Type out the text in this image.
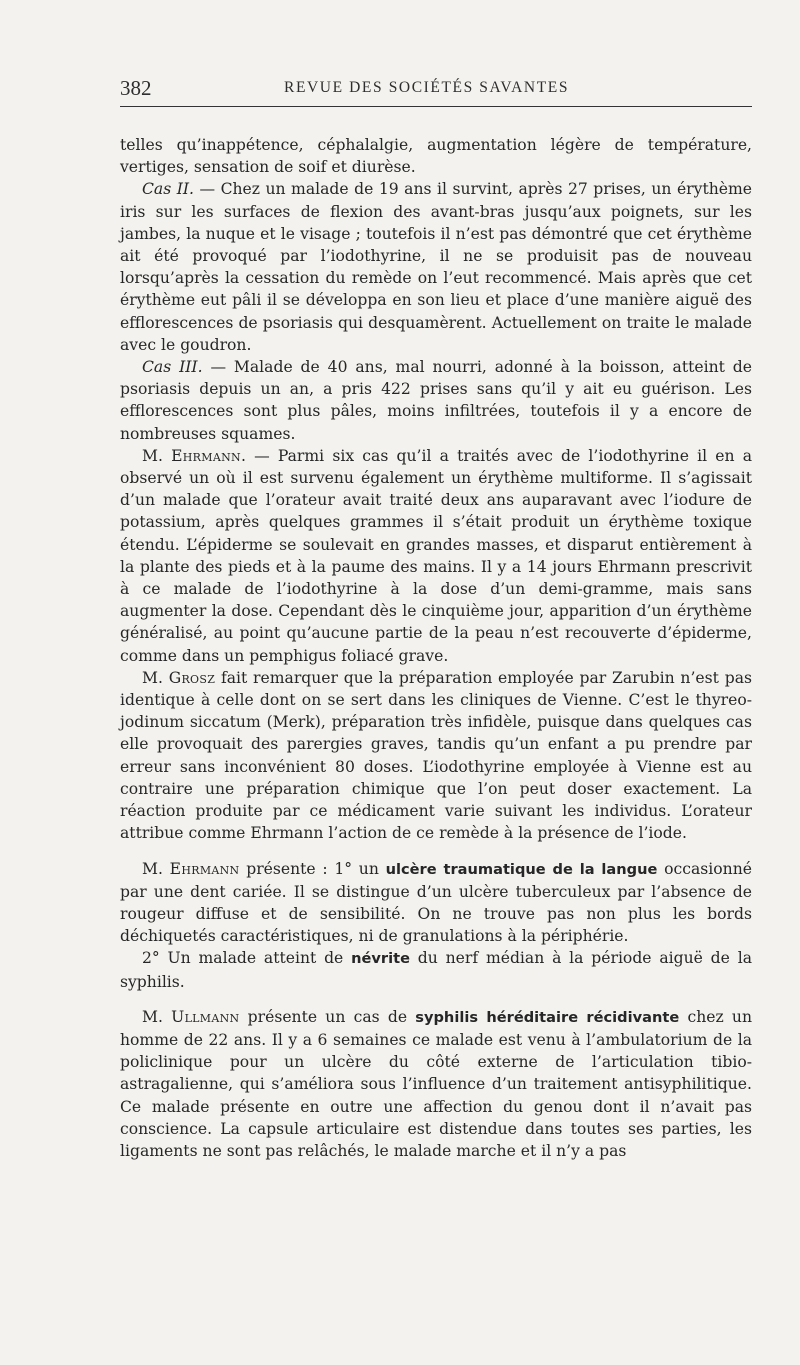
382	REVUE DES SOCIÉTÉS SAVANTES

telles qu’inappétence, céphalalgie, augmentation légère de température, vertiges, sensation de soif et diurèse.

Cas II. — Chez un malade de 19 ans il survint, après 27 prises, un érythème iris sur les surfaces de flexion des avant-bras jusqu’aux poignets, sur les jambes, la nuque et le visage ; toutefois il n’est pas démontré que cet érythème ait été provoqué par l’iodothyrine, il ne se produisit pas de nouveau lorsqu’après la cessation du remède on l’eut recommencé. Mais après que cet érythème eut pâli il se développa en son lieu et place d’une manière aiguë des efflorescences de psoriasis qui desquamèrent. Actuellement on traite le malade avec le goudron.

Cas III. — Malade de 40 ans, mal nourri, adonné à la boisson, atteint de psoriasis depuis un an, a pris 422 prises sans qu’il y ait eu guérison. Les efflorescences sont plus pâles, moins infiltrées, toutefois il y a encore de nombreuses squames.

M. Ehrmann. — Parmi six cas qu’il a traités avec de l’iodothyrine il en a observé un où il est survenu également un érythème multiforme. Il s’agissait d’un malade que l’orateur avait traité deux ans auparavant avec l’iodure de potassium, après quelques grammes il s’était produit un érythème toxique étendu. L’épiderme se soulevait en grandes masses, et disparut entièrement à la plante des pieds et à la paume des mains. Il y a 14 jours Ehrmann prescrivit à ce malade de l’iodothyrine à la dose d’un demi-gramme, mais sans augmenter la dose. Cependant dès le cinquième jour, apparition d’un érythème généralisé, au point qu’aucune partie de la peau n’est recouverte d’épiderme, comme dans un pemphigus foliacé grave.

M. Grosz fait remarquer que la préparation employée par Zarubin n’est pas identique à celle dont on se sert dans les cliniques de Vienne. C’est le thyreo-jodinum siccatum (Merk), préparation très infidèle, puisque dans quelques cas elle provoquait des parergies graves, tandis qu’un enfant a pu prendre par erreur sans inconvénient 80 doses. L’iodothyrine employée à Vienne est au contraire une préparation chimique que l’on peut doser exactement. La réaction produite par ce médicament varie suivant les individus. L’orateur attribue comme Ehrmann l’action de ce remède à la présence de l’iode.

M. Ehrmann présente : 1° un ulcère traumatique de la langue occasionné par une dent cariée. Il se distingue d’un ulcère tuberculeux par l’absence de rougeur diffuse et de sensibilité. On ne trouve pas non plus les bords déchiquetés caractéristiques, ni de granulations à la périphérie.

2° Un malade atteint de névrite du nerf médian à la période aiguë de la syphilis.

M. Ullmann présente un cas de syphilis héréditaire récidivante chez un homme de 22 ans. Il y a 6 semaines ce malade est venu à l’ambulatorium de la policlinique pour un ulcère du côté externe de l’articulation tibio-astragalienne, qui s’améliora sous l’influence d’un traitement antisyphilitique. Ce malade présente en outre une affection du genou dont il n’avait pas conscience. La capsule articulaire est distendue dans toutes ses parties, les ligaments ne sont pas relâchés, le malade marche et il n’y a pas
